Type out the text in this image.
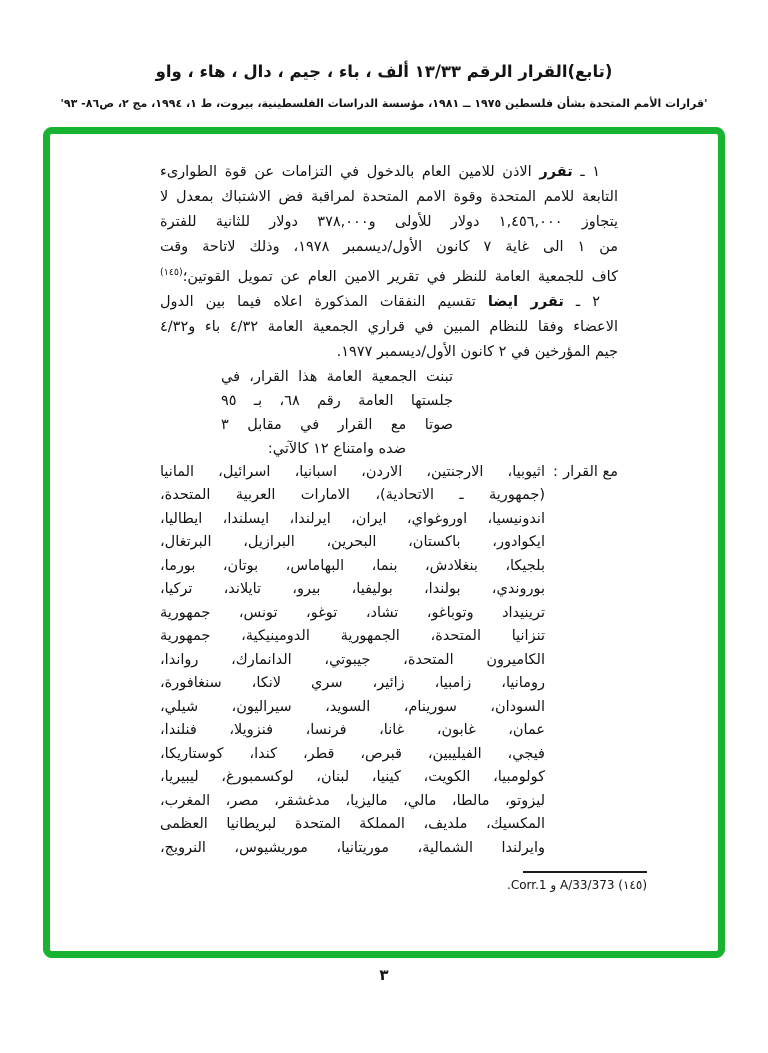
(تابع)القرار الرقم ١٣/٣٣ ألف ، باء ، جيم ، دال ، هاء ، واو
'قرارات الأمم المتحدة بشأن فلسطين ١٩٧٥ ــ ١٩٨١، مؤسسة الدراسات الفلسطينية، بيروت، ط ١، ١٩٩٤، مج ٢، ص٨٦- ٩٣'
١ ـ تقرر الاذن للامين العام بالدخول في التزامات عن قوة الطوارىء
التابعة للامم المتحدة وقوة الامم المتحدة لمراقبة فض الاشتباك بمعدل لا
يتجاوز ١,٤٥٦,٠٠٠ دولار للأولى و٣٧٨,٠٠٠ دولار للثانية للفترة
من ١ الى غاية ٧ كانون الأول/ديسمبر ١٩٧٨، وذلك لاتاحة وقت
كاف للجمعية العامة للنظر في تقرير الامين العام عن تمويل القوتين؛$^{(١٤٥)}$
٢ ـ تقرر ايضا تقسيم النفقات المذكورة اعلاه فيما بين الدول
الاعضاء وفقا للنظام المبين في قراري الجمعية العامة ٤/٣٢ باء و٤/٣٢
جيم المؤرخين في ٢ كانون الأول/ديسمبر ١٩٧٧.
تبنت الجمعية العامة هذا القرار، في
جلستها العامة رقم ٦٨، بـ ٩٥
صوتا مع القرار في مقابل ٣
ضده وامتناع ١٢ كالآتي:
مع القرار
:
اثيوبيا، الارجنتين، الاردن، اسبانيا، اسرائيل، المانيا
(جمهورية ـ الاتحادية)، الامارات العربية المتحدة،
اندونيسيا، اوروغواي، ايران، ايرلندا، ايسلندا، ايطاليا،
ايكوادور، باكستان، البحرين، البرازيل، البرتغال،
بلجيكا، بنغلادش، بنما، البهاماس، بوتان، بورما،
بوروندي، بولندا، بوليفيا، بيرو، تايلاند، تركيا،
ترينيداد وتوباغو، تشاد، توغو، تونس، جمهورية
تنزانيا المتحدة، الجمهورية الدومينيكية، جمهورية
الكاميرون المتحدة، جيبوتي، الدانمارك، رواندا،
رومانيا، زامبيا، زائير، سري لانكا، سنغافورة،
السودان، سورينام، السويد، سيراليون، شيلي،
عمان، غابون، غانا، فرنسا، فنزويلا، فنلندا،
فيجي، الفيليبين، قبرص، قطر، كندا، كوستاريكا،
كولومبيا، الكويت، كينيا، لبنان، لوكسمبورغ، ليبيريا،
ليزوتو، مالطا، مالي، ماليزيا، مدغشقر، مصر، المغرب،
المكسيك، ملديف، المملكة المتحدة لبريطانيا العظمى
وايرلندا الشمالية، موريتانيا، موريشيوس، النرويج،
(١٤٥) A/33/373 و Corr.1.
٣
